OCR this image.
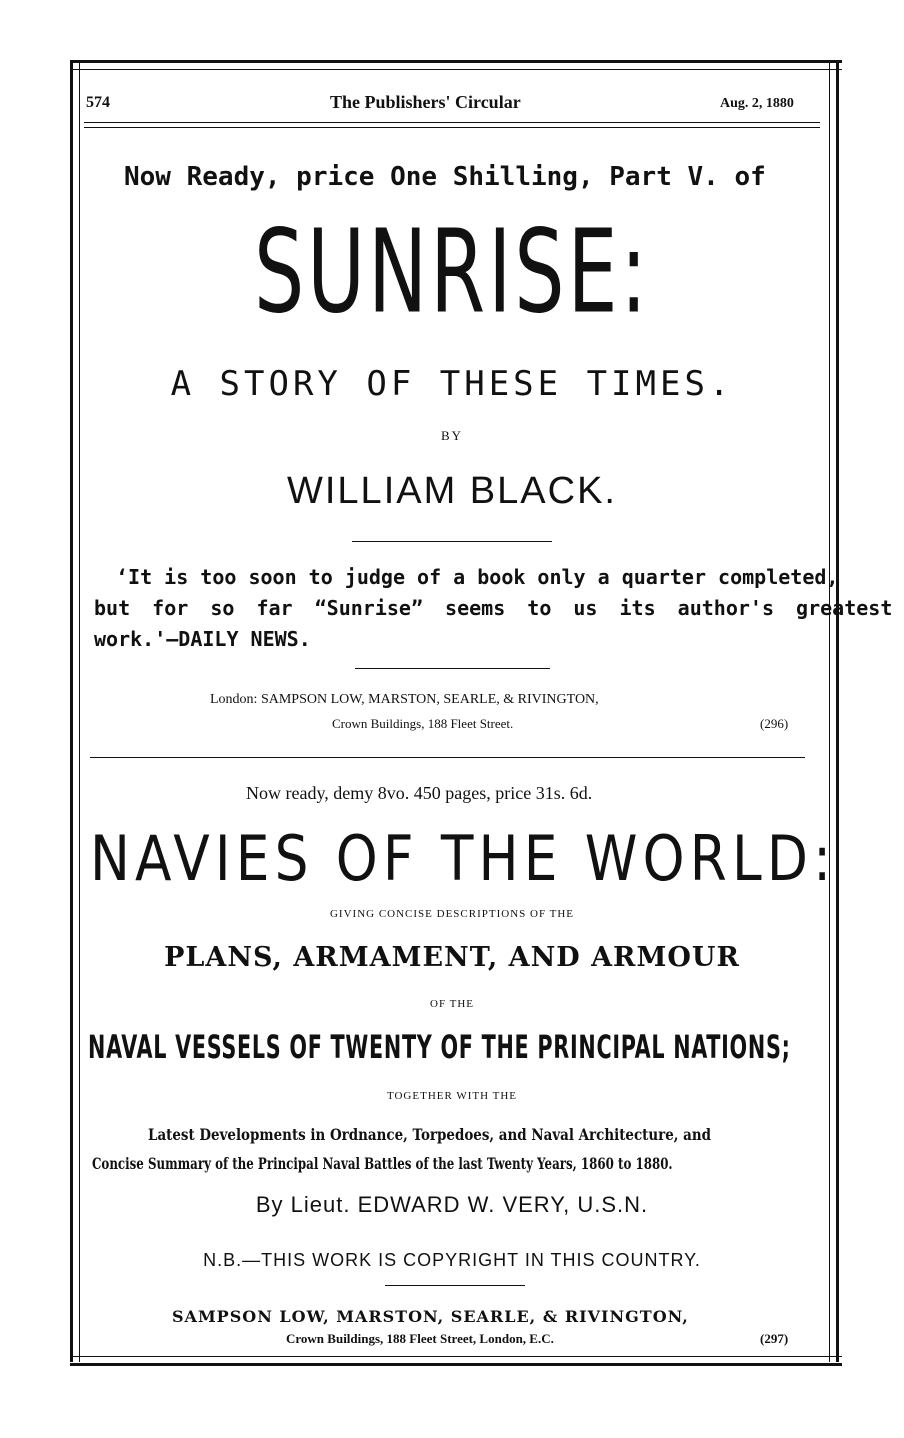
574	The Publishers' Circular	Aug. 2, 1880
Now Ready, price One Shilling, Part V. of
SUNRISE:
A STORY OF THESE TIMES.
BY
WILLIAM BLACK.
‘It is too soon to judge of a book only a quarter completed,
but for so far “Sunrise” seems to us its author's greatest
work.'—DAILY NEWS.
London: SAMPSON LOW, MARSTON, SEARLE, & RIVINGTON,
Crown Buildings, 188 Fleet Street.	(296)
Now ready, demy 8vo. 450 pages, price 31s. 6d.
NAVIES OF THE WORLD:
GIVING CONCISE DESCRIPTIONS OF THE
PLANS, ARMAMENT, AND ARMOUR
OF THE
NAVAL VESSELS OF TWENTY OF THE PRINCIPAL NATIONS;
TOGETHER WITH THE
Latest Developments in Ordnance, Torpedoes, and Naval Architecture, and
Concise Summary of the Principal Naval Battles of the last Twenty Years, 1860 to 1880.
By Lieut. EDWARD W. VERY, U.S.N.
N.B.—THIS WORK IS COPYRIGHT IN THIS COUNTRY.
SAMPSON LOW, MARSTON, SEARLE, & RIVINGTON,
Crown Buildings, 188 Fleet Street, London, E.C.	(297)
